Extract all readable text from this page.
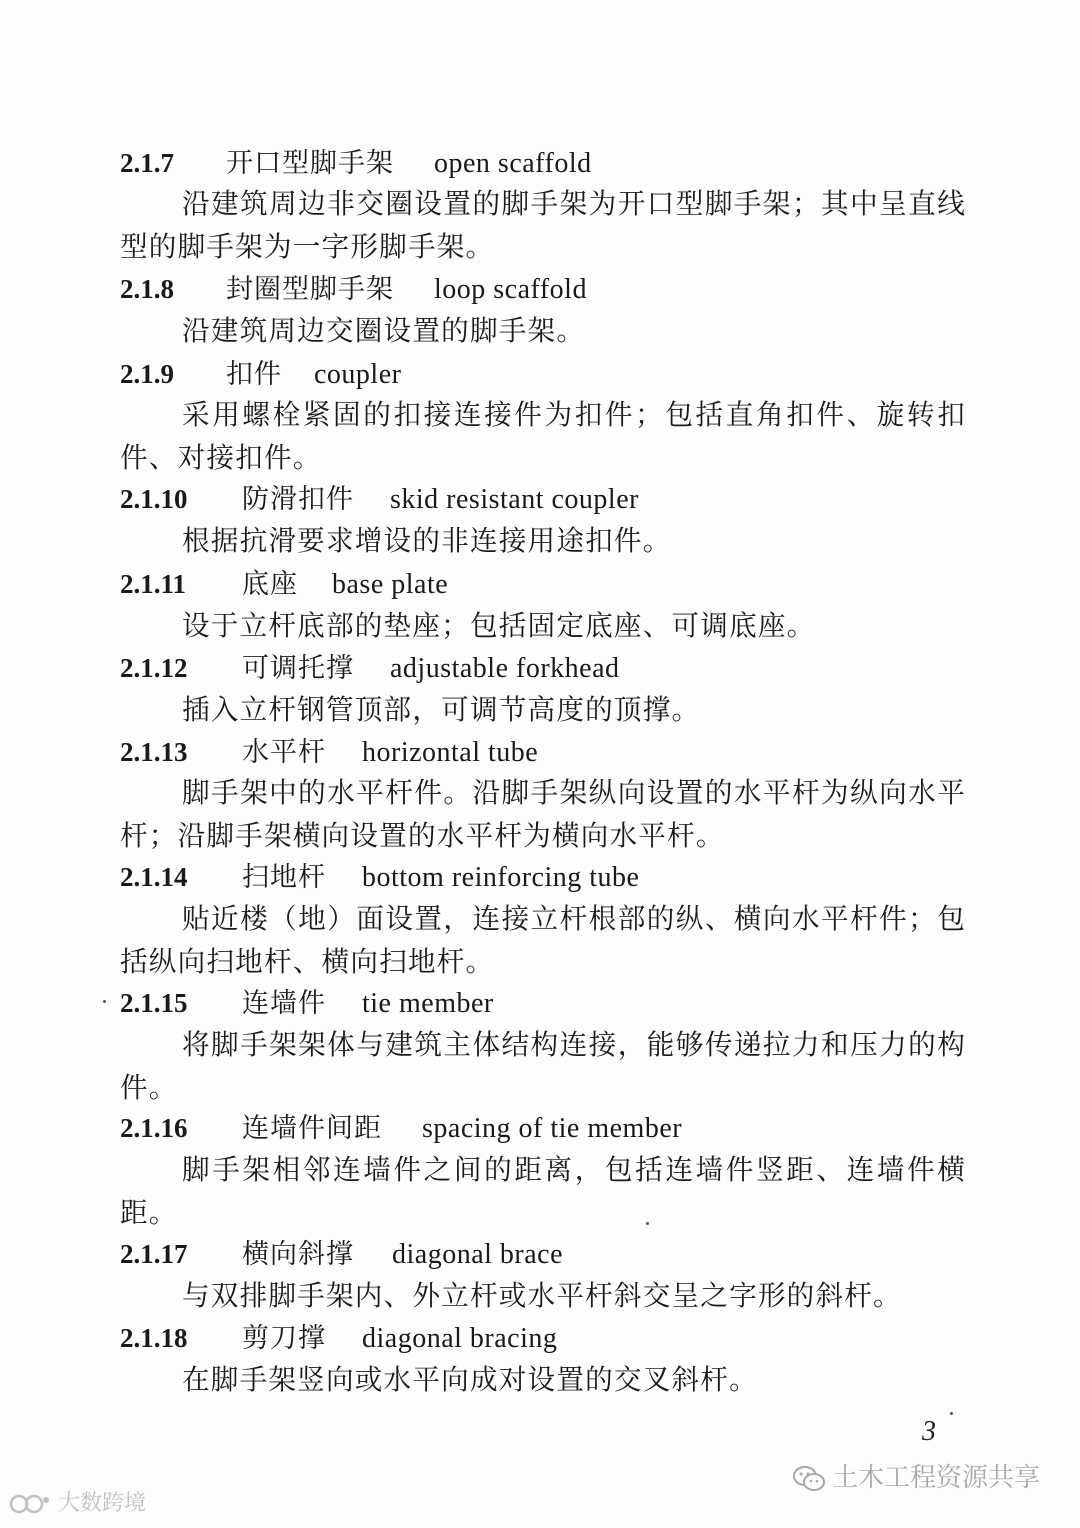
2.1.7 开口型脚手架 open scaffold

沿建筑周边非交圈设置的脚手架为开口型脚手架；其中呈直线型的脚手架为一字形脚手架。

2.1.8 封圈型脚手架 loop scaffold

沿建筑周边交圈设置的脚手架。

2.1.9 扣件 coupler

采用螺栓紧固的扣接连接件为扣件；包括直角扣件、旋转扣件、对接扣件。

2.1.10 防滑扣件 skid resistant coupler

根据抗滑要求增设的非连接用途扣件。

2.1.11 底座 base plate

设于立杆底部的垫座；包括固定底座、可调底座。

2.1.12 可调托撑 adjustable forkhead

插入立杆钢管顶部，可调节高度的顶撑。

2.1.13 水平杆 horizontal tube

脚手架中的水平杆件。沿脚手架纵向设置的水平杆为纵向水平杆；沿脚手架横向设置的水平杆为横向水平杆。

2.1.14 扫地杆 bottom reinforcing tube

贴近楼（地）面设置，连接立杆根部的纵、横向水平杆件；包括纵向扫地杆、横向扫地杆。

2.1.15 连墙件 tie member

将脚手架架体与建筑主体结构连接，能够传递拉力和压力的构件。

2.1.16 连墙件间距 spacing of tie member

脚手架相邻连墙件之间的距离，包括连墙件竖距、连墙件横距。

2.1.17 横向斜撑 diagonal brace

与双排脚手架内、外立杆或水平杆斜交呈之字形的斜杆。

2.1.18 剪刀撑 diagonal bracing

在脚手架竖向或水平向成对设置的交叉斜杆。

3
土木工程资源共享
大数跨境
